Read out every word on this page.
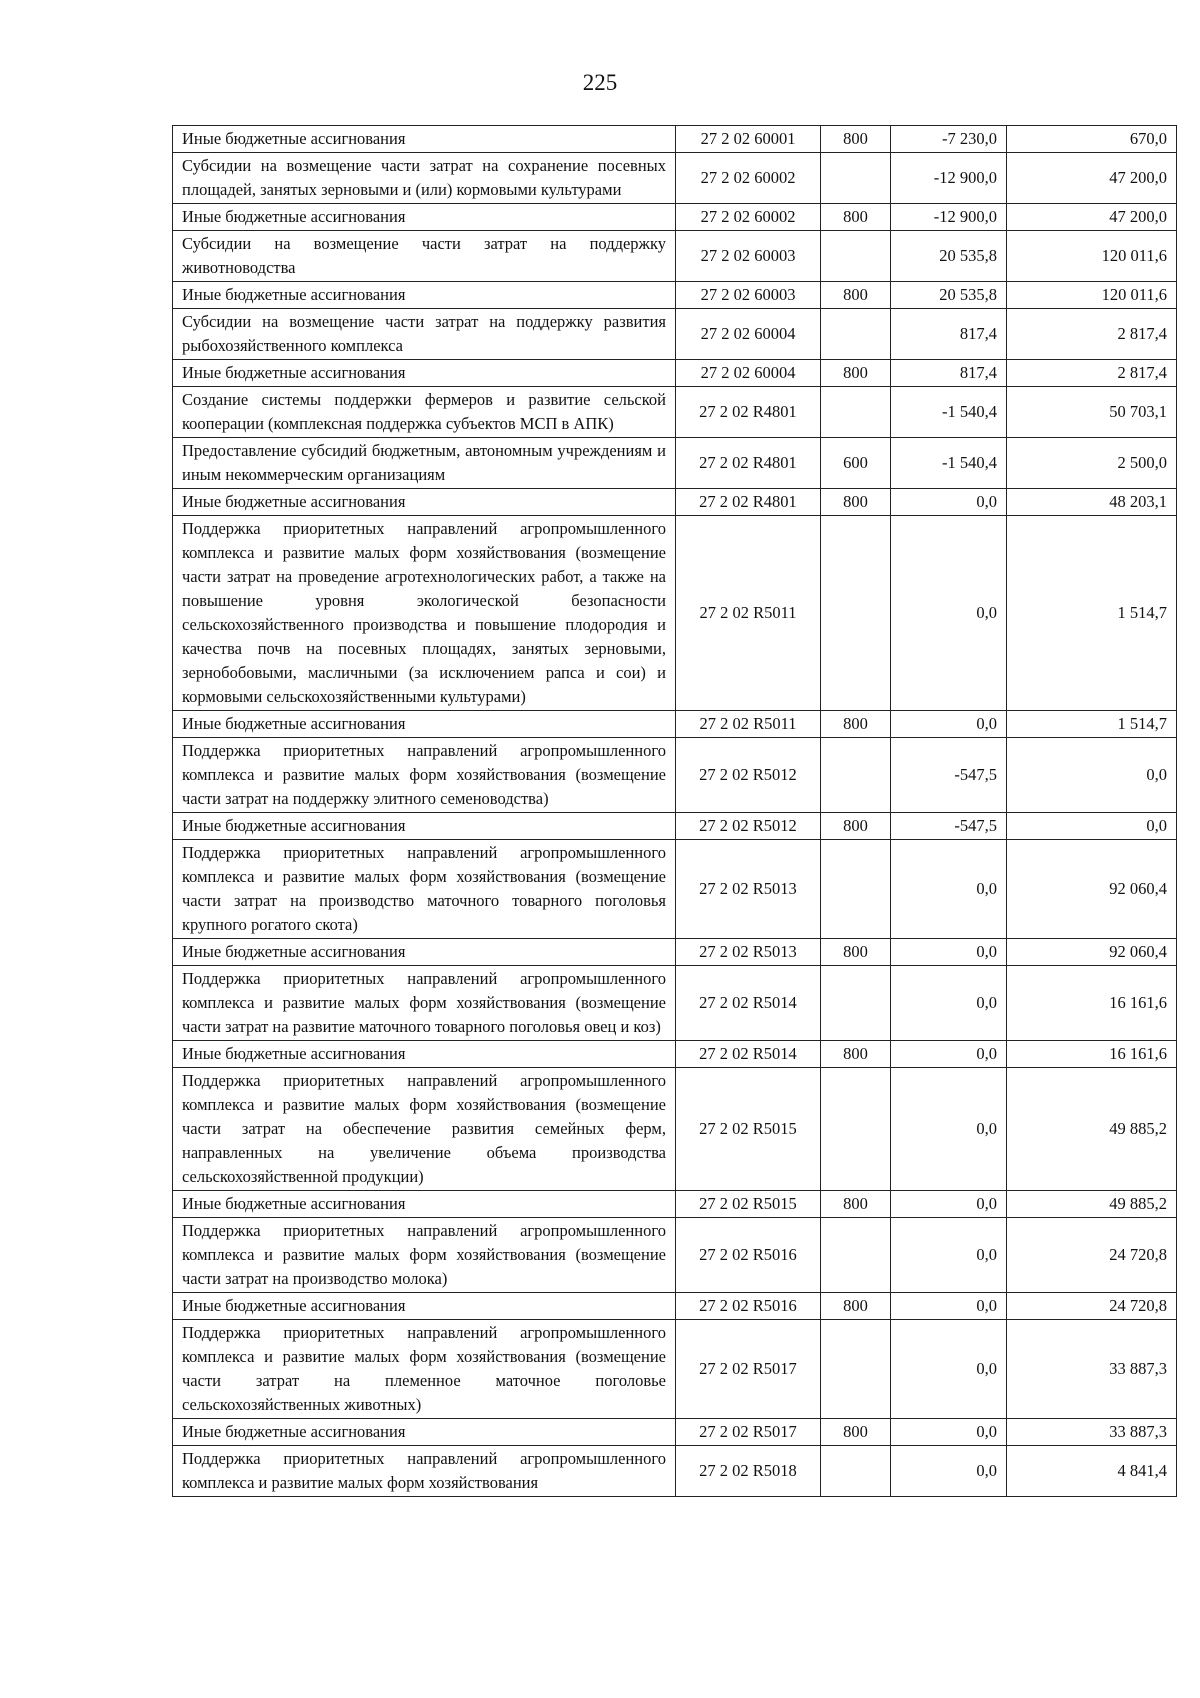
225
Иные бюджетные ассигнования	27 2 02 60001	800	-7 230,0	670,0
Субсидии на возмещение части затрат на сохранение посевных площадей, занятых зерновыми и (или) кормовыми культурами	27 2 02 60002		-12 900,0	47 200,0
Иные бюджетные ассигнования	27 2 02 60002	800	-12 900,0	47 200,0
Субсидии на возмещение части затрат на поддержку животноводства	27 2 02 60003		20 535,8	120 011,6
Иные бюджетные ассигнования	27 2 02 60003	800	20 535,8	120 011,6
Субсидии на возмещение части затрат на поддержку развития рыбохозяйственного комплекса	27 2 02 60004		817,4	2 817,4
Иные бюджетные ассигнования	27 2 02 60004	800	817,4	2 817,4
Создание системы поддержки фермеров и развитие сельской кооперации (комплексная поддержка субъектов МСП в АПК)	27 2 02 R4801		-1 540,4	50 703,1
Предоставление субсидий бюджетным, автономным учреждениям и иным некоммерческим организациям	27 2 02 R4801	600	-1 540,4	2 500,0
Иные бюджетные ассигнования	27 2 02 R4801	800	0,0	48 203,1
Поддержка приоритетных направлений агропромышленного комплекса и развитие малых форм хозяйствования (возмещение части затрат на проведение агротехнологических работ, а также на повышение уровня экологической безопасности сельскохозяйственного производства и повышение плодородия и качества почв на посевных площадях, занятых зерновыми, зернобобовыми, масличными (за исключением рапса и сои) и кормовыми сельскохозяйственными культурами)	27 2 02 R5011		0,0	1 514,7
Иные бюджетные ассигнования	27 2 02 R5011	800	0,0	1 514,7
Поддержка приоритетных направлений агропромышленного комплекса и развитие малых форм хозяйствования (возмещение части затрат на поддержку элитного семеноводства)	27 2 02 R5012		-547,5	0,0
Иные бюджетные ассигнования	27 2 02 R5012	800	-547,5	0,0
Поддержка приоритетных направлений агропромышленного комплекса и развитие малых форм хозяйствования (возмещение части затрат на производство маточного товарного поголовья крупного рогатого скота)	27 2 02 R5013		0,0	92 060,4
Иные бюджетные ассигнования	27 2 02 R5013	800	0,0	92 060,4
Поддержка приоритетных направлений агропромышленного комплекса и развитие малых форм хозяйствования (возмещение части затрат на развитие маточного товарного поголовья овец и коз)	27 2 02 R5014		0,0	16 161,6
Иные бюджетные ассигнования	27 2 02 R5014	800	0,0	16 161,6
Поддержка приоритетных направлений агропромышленного комплекса и развитие малых форм хозяйствования (возмещение части затрат на обеспечение развития семейных ферм, направленных на увеличение объема производства сельскохозяйственной продукции)	27 2 02 R5015		0,0	49 885,2
Иные бюджетные ассигнования	27 2 02 R5015	800	0,0	49 885,2
Поддержка приоритетных направлений агропромышленного комплекса и развитие малых форм хозяйствования (возмещение части затрат на производство молока)	27 2 02 R5016		0,0	24 720,8
Иные бюджетные ассигнования	27 2 02 R5016	800	0,0	24 720,8
Поддержка приоритетных направлений агропромышленного комплекса и развитие малых форм хозяйствования (возмещение части затрат на племенное маточное поголовье сельскохозяйственных животных)	27 2 02 R5017		0,0	33 887,3
Иные бюджетные ассигнования	27 2 02 R5017	800	0,0	33 887,3
Поддержка приоритетных направлений агропромышленного комплекса и развитие малых форм хозяйствования	27 2 02 R5018		0,0	4 841,4
